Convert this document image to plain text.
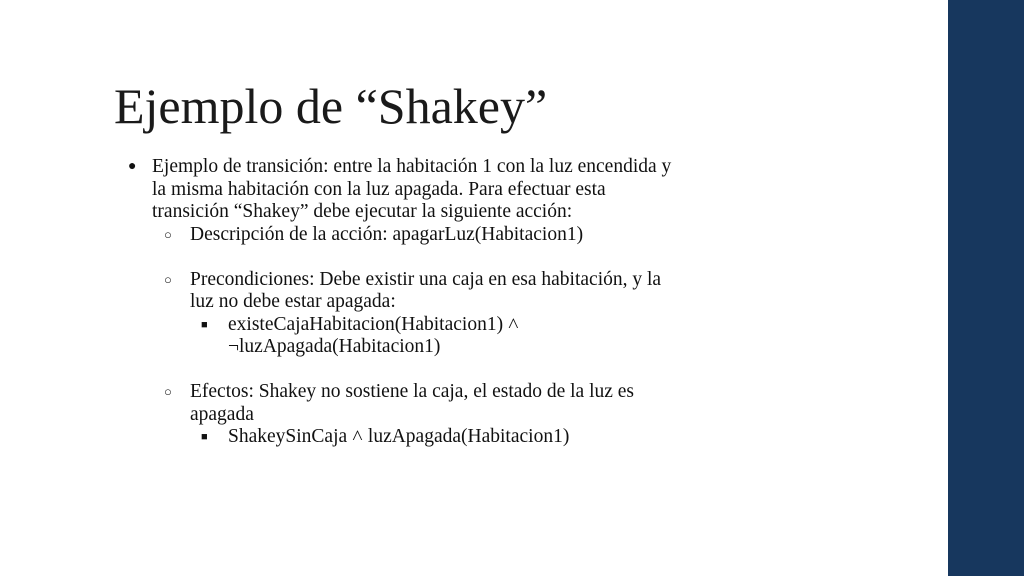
Ejemplo de “Shakey”
● Ejemplo de transición: entre la habitación 1 con la luz encendida y
la misma habitación con la luz apagada. Para efectuar esta
transición “Shakey” debe ejecutar la siguiente acción:
○ Descripción de la acción: apagarLuz(Habitacion1)
○ Precondiciones: Debe existir una caja en esa habitación, y la
luz no debe estar apagada:
■ existeCajaHabitacion(Habitacion1) ˄
¬luzApagada(Habitacion1)
○ Efectos: Shakey no sostiene la caja, el estado de la luz es
apagada
■ ShakeySinCaja ˄ luzApagada(Habitacion1)
